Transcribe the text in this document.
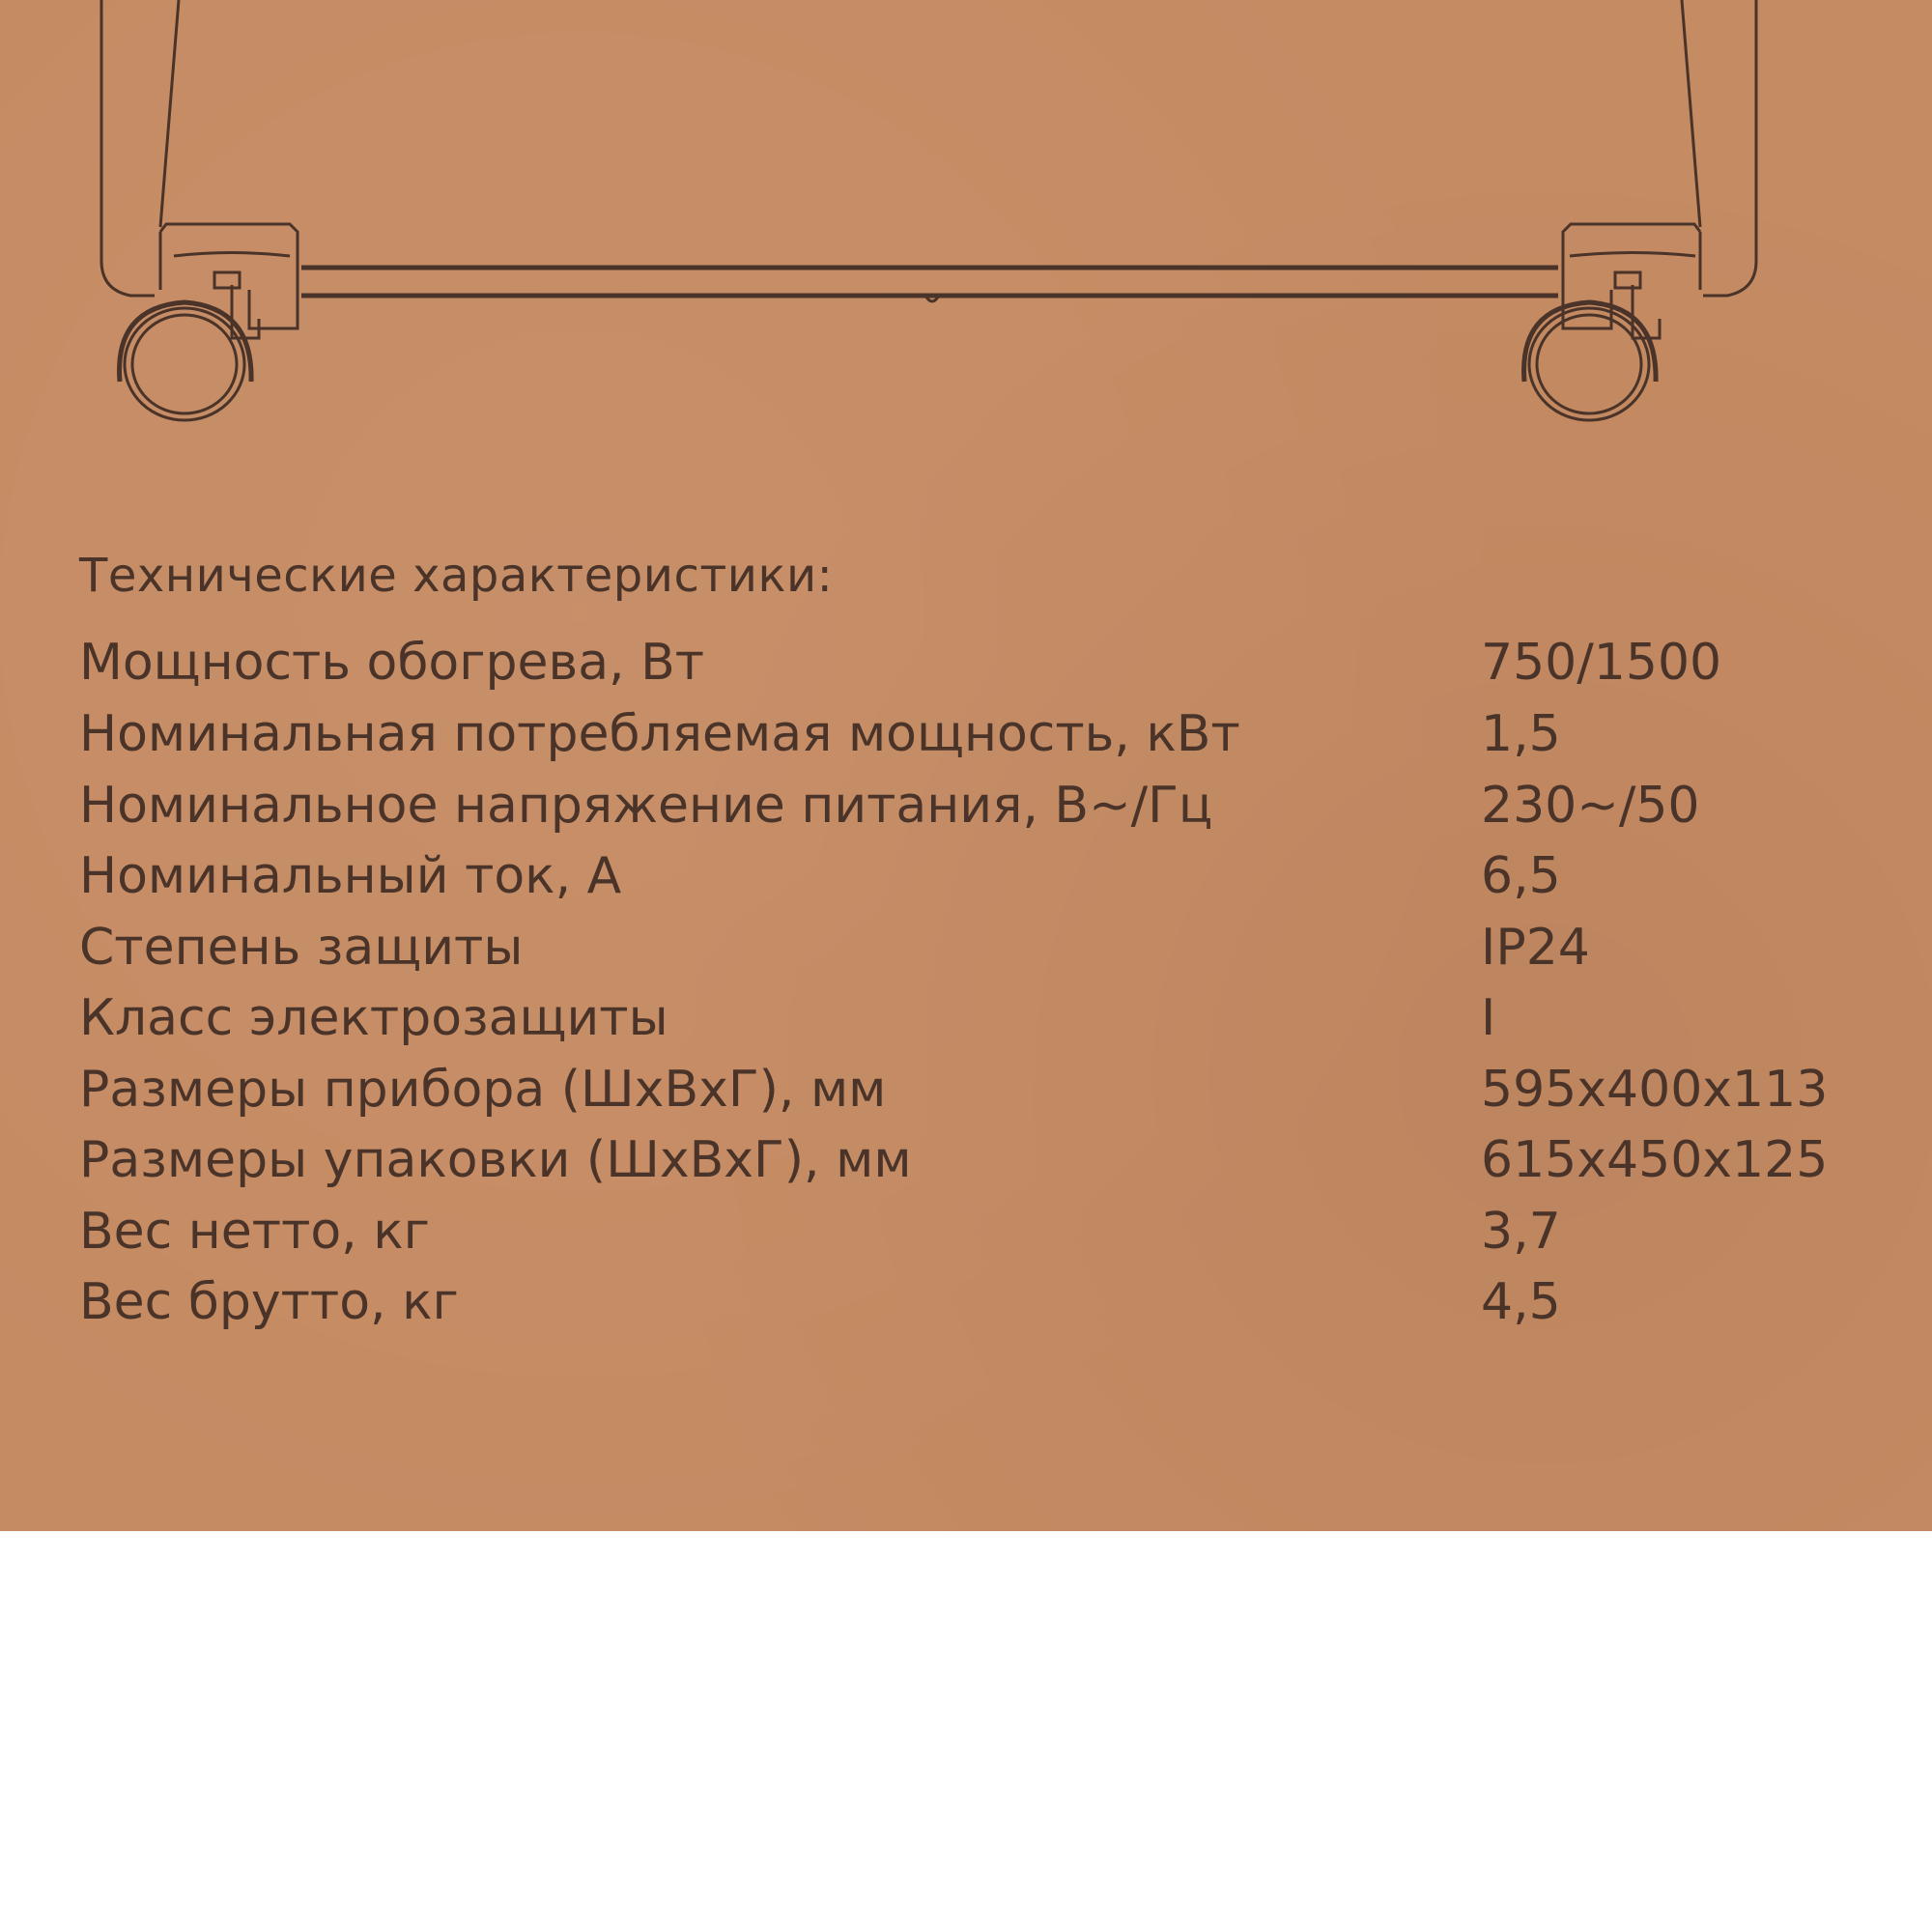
Технические характеристики:
Мощность обогрева, Вт	750/1500
Номинальная потребляемая мощность, кВт	1,5
Номинальное напряжение питания, В~/Гц	230~/50
Номинальный ток, А	6,5
Степень защиты	IP24
Класс электрозащиты	I
Размеры прибора (ШхВхГ), мм	595x400x113
Размеры упаковки (ШхВхГ), мм	615x450x125
Вес нетто, кг	3,7
Вес брутто, кг	4,5
